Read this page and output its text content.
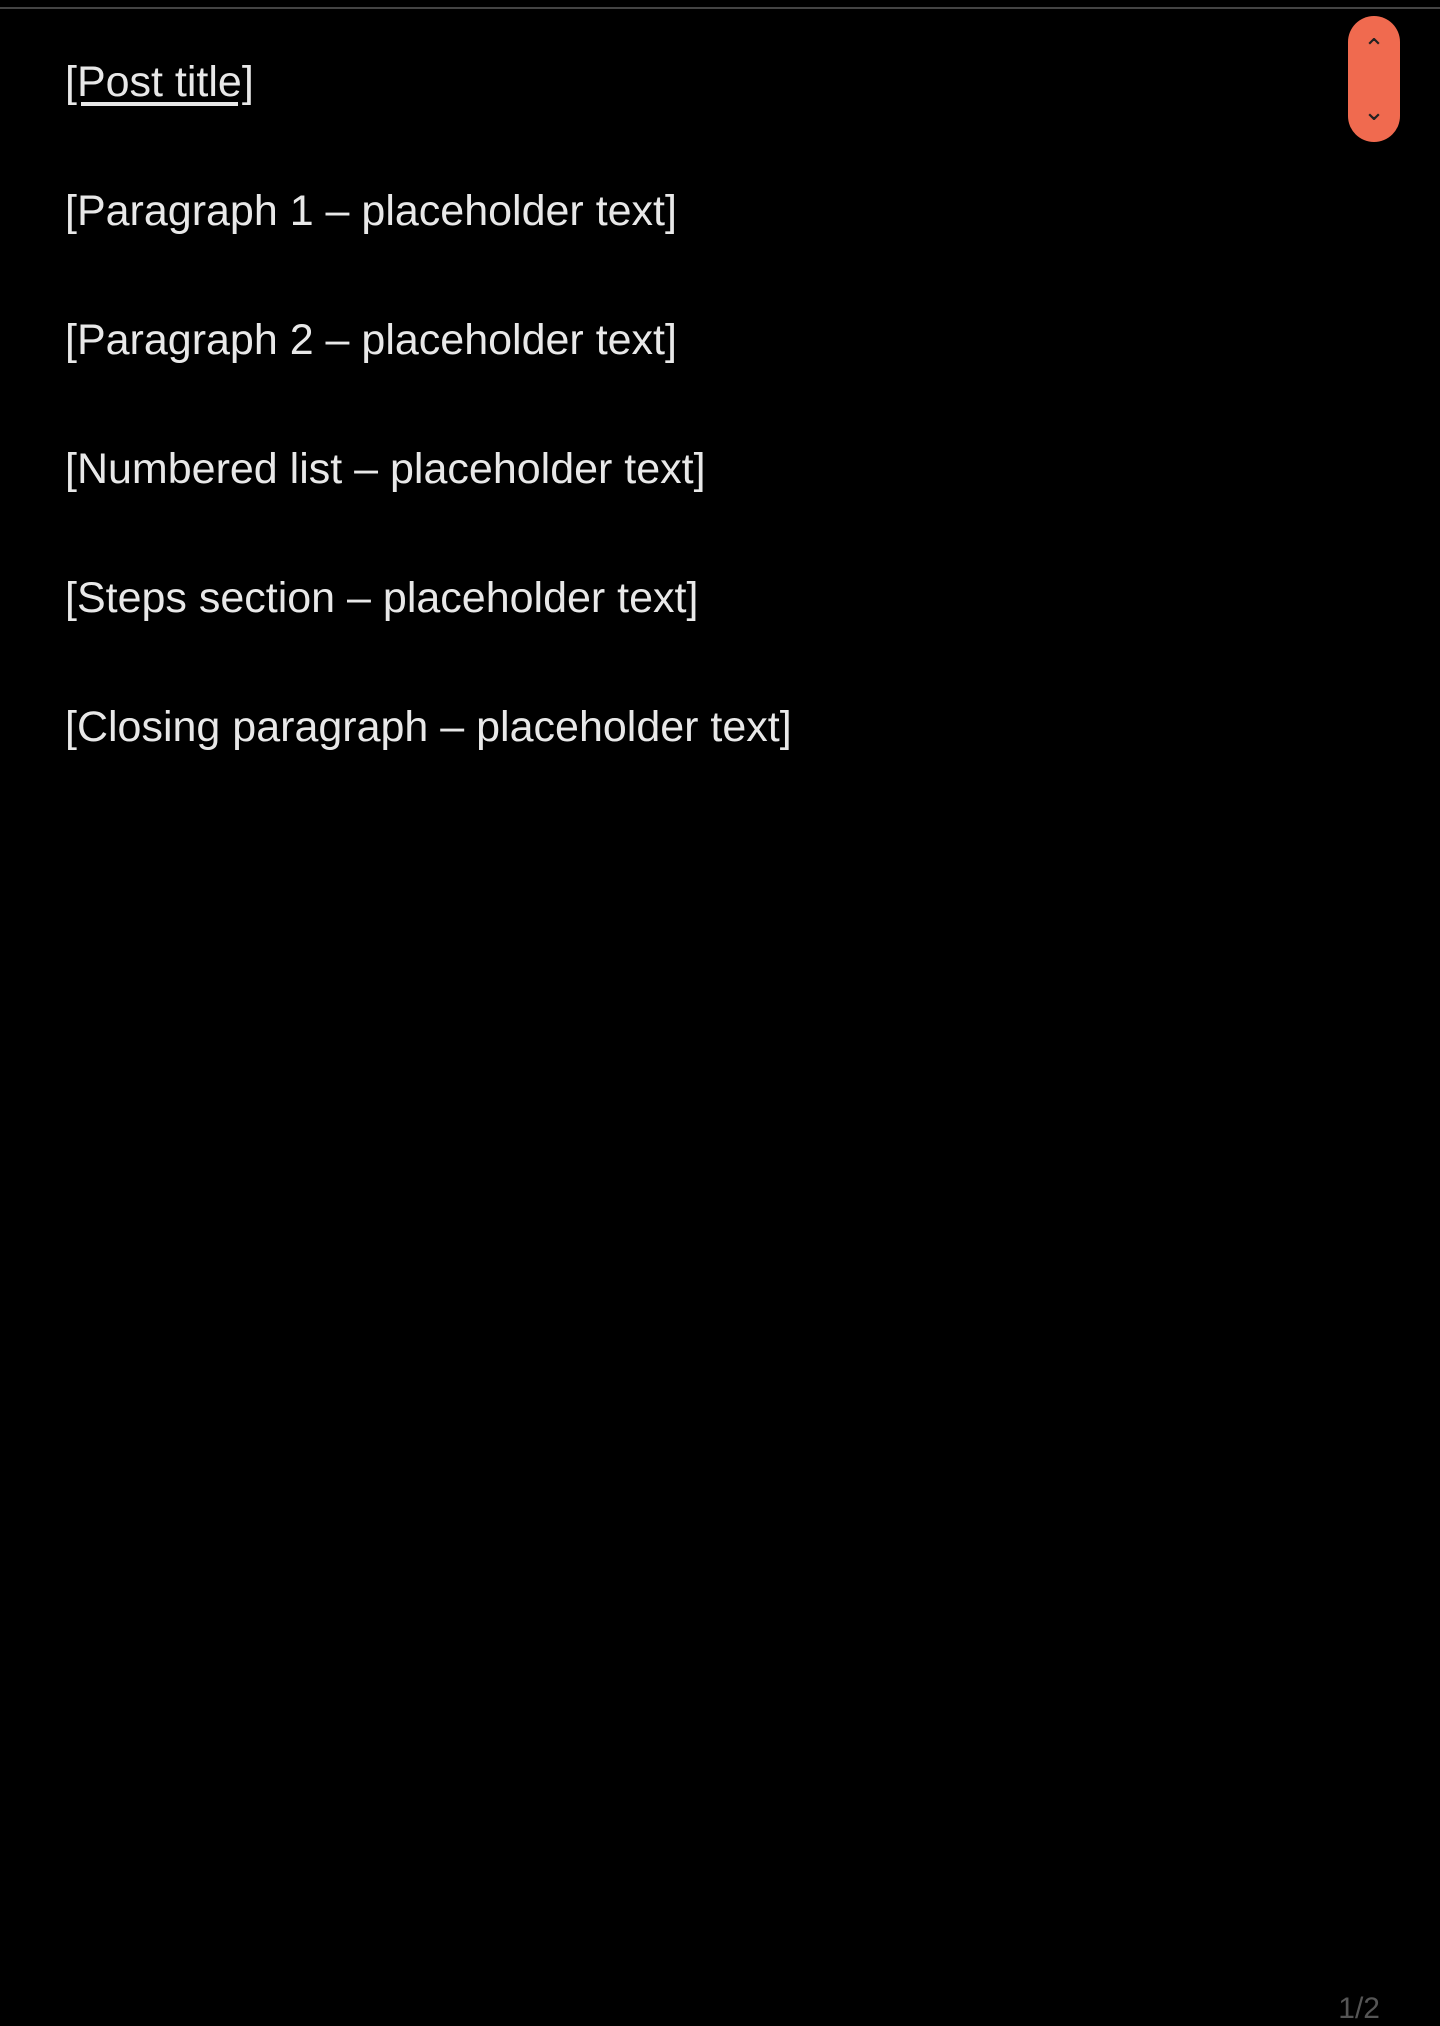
[Post title]

[Paragraph 1 – placeholder text]

[Paragraph 2 – placeholder text]

[Numbered list – placeholder text]

[Steps section – placeholder text]

[Closing paragraph – placeholder text]

⌃
⌄
1/2
